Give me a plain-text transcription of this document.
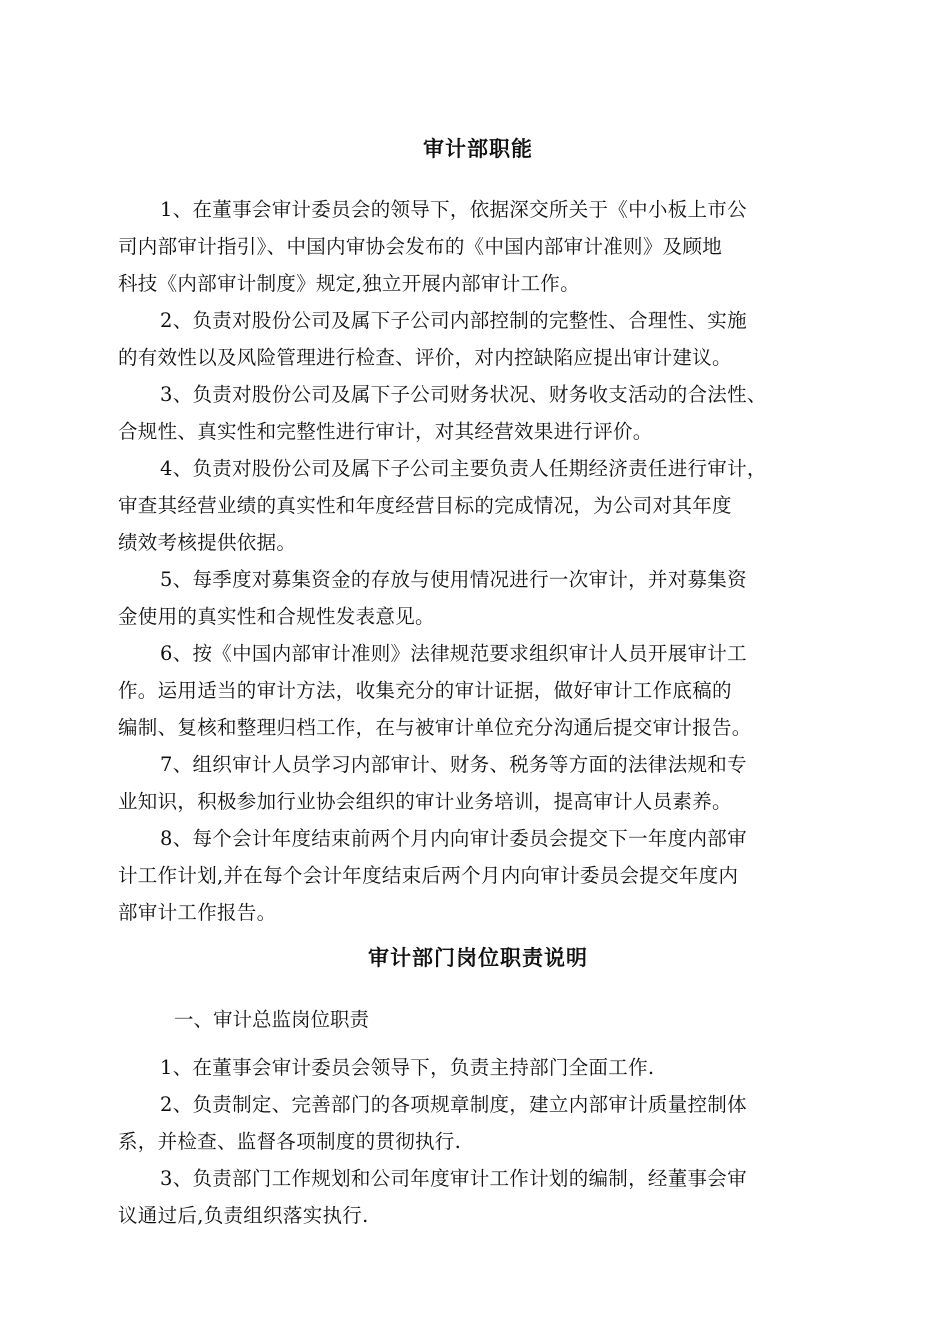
审计部职能
1、在董事会审计委员会的领导下，依据深交所关于《中小板上市公
司内部审计指引》、中国内审协会发布的《中国内部审计准则》及顾地
科技《内部审计制度》规定,独立开展内部审计工作。
2、负责对股份公司及属下子公司内部控制的完整性、合理性、实施
的有效性以及风险管理进行检查、评价，对内控缺陷应提出审计建议。
3、负责对股份公司及属下子公司财务状况、财务收支活动的合法性、
合规性、真实性和完整性进行审计，对其经营效果进行评价。
4、负责对股份公司及属下子公司主要负责人任期经济责任进行审计，
审查其经营业绩的真实性和年度经营目标的完成情况，为公司对其年度
绩效考核提供依据。
5、每季度对募集资金的存放与使用情况进行一次审计，并对募集资
金使用的真实性和合规性发表意见。
6、按《中国内部审计准则》法律规范要求组织审计人员开展审计工
作。运用适当的审计方法，收集充分的审计证据，做好审计工作底稿的
编制、复核和整理归档工作，在与被审计单位充分沟通后提交审计报告。
7、组织审计人员学习内部审计、财务、税务等方面的法律法规和专
业知识，积极参加行业协会组织的审计业务培训，提高审计人员素养。
8、每个会计年度结束前两个月内向审计委员会提交下一年度内部审
计工作计划,并在每个会计年度结束后两个月内向审计委员会提交年度内
部审计工作报告。
审计部门岗位职责说明
一、审计总监岗位职责
1、在董事会审计委员会领导下，负责主持部门全面工作.
2、负责制定、完善部门的各项规章制度，建立内部审计质量控制体
系，并检查、监督各项制度的贯彻执行.
3、负责部门工作规划和公司年度审计工作计划的编制，经董事会审
议通过后,负责组织落实执行.
